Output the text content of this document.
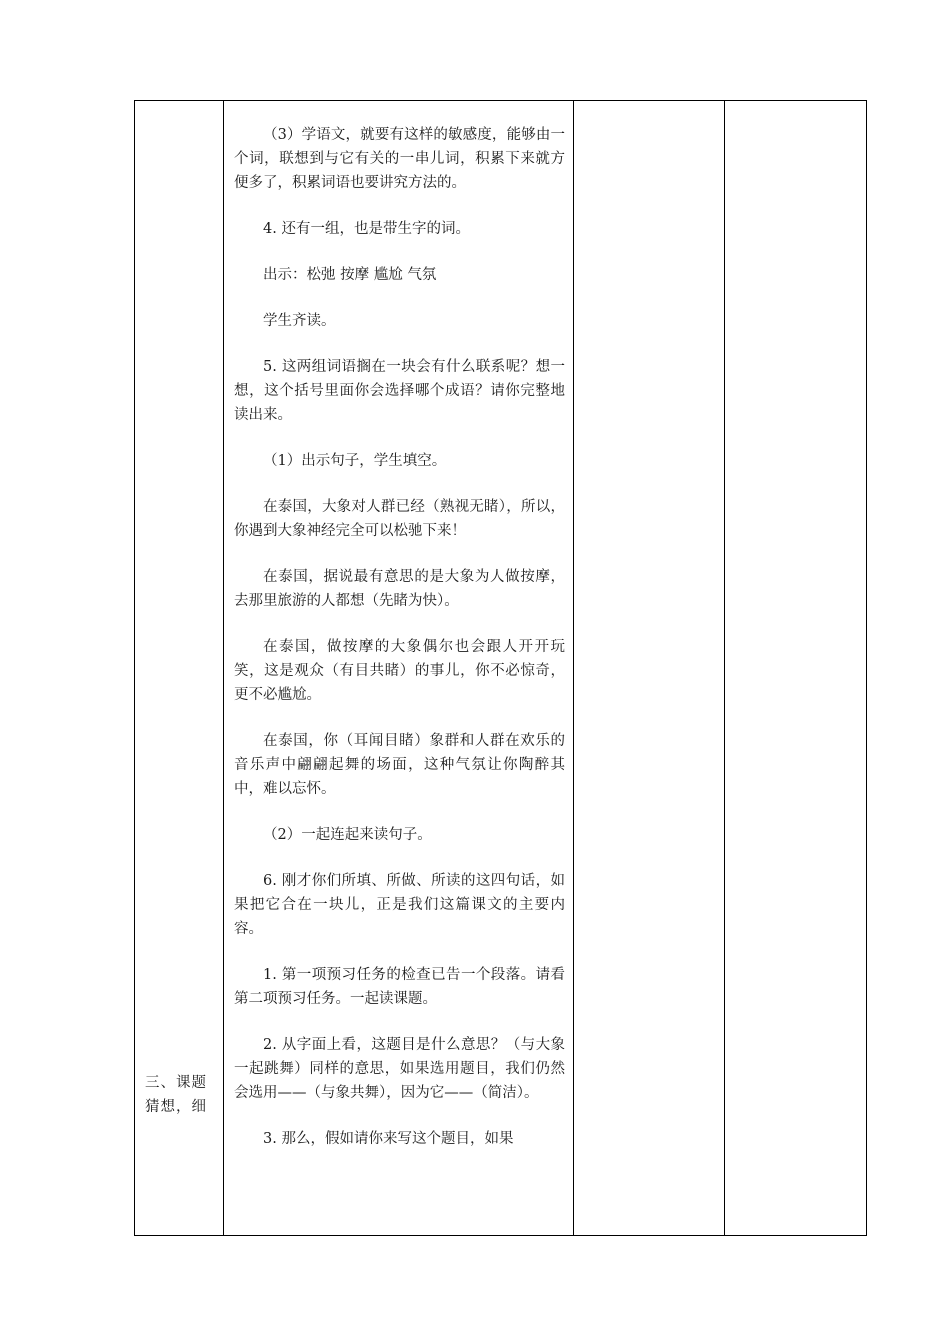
三、课题猜想，细

（3）学语文，就要有这样的敏感度，能够由一个词，联想到与它有关的一串儿词，积累下来就方便多了，积累词语也要讲究方法的。

4. 还有一组，也是带生字的词。

出示：松弛 按摩 尴尬 气氛

学生齐读。

5. 这两组词语搁在一块会有什么联系呢？想一想，这个括号里面你会选择哪个成语？请你完整地读出来。

（1）出示句子，学生填空。

在泰国，大象对人群已经（熟视无睹），所以，你遇到大象神经完全可以松驰下来！

在泰国，据说最有意思的是大象为人做按摩，去那里旅游的人都想（先睹为快）。

在泰国，做按摩的大象偶尔也会跟人开开玩笑，这是观众（有目共睹）的事儿，你不必惊奇，更不必尴尬。

在泰国，你（耳闻目睹）象群和人群在欢乐的音乐声中翩翩起舞的场面，这种气氛让你陶醉其中，难以忘怀。

（2）一起连起来读句子。

6. 刚才你们所填、所做、所读的这四句话，如果把它合在一块儿，正是我们这篇课文的主要内容。

1. 第一项预习任务的检查已告一个段落。请看第二项预习任务。一起读课题。

2. 从字面上看，这题目是什么意思？（与大象一起跳舞）同样的意思，如果选用题目，我们仍然会选用——（与象共舞），因为它——（简洁）。

3. 那么，假如请你来写这个题目，如果
